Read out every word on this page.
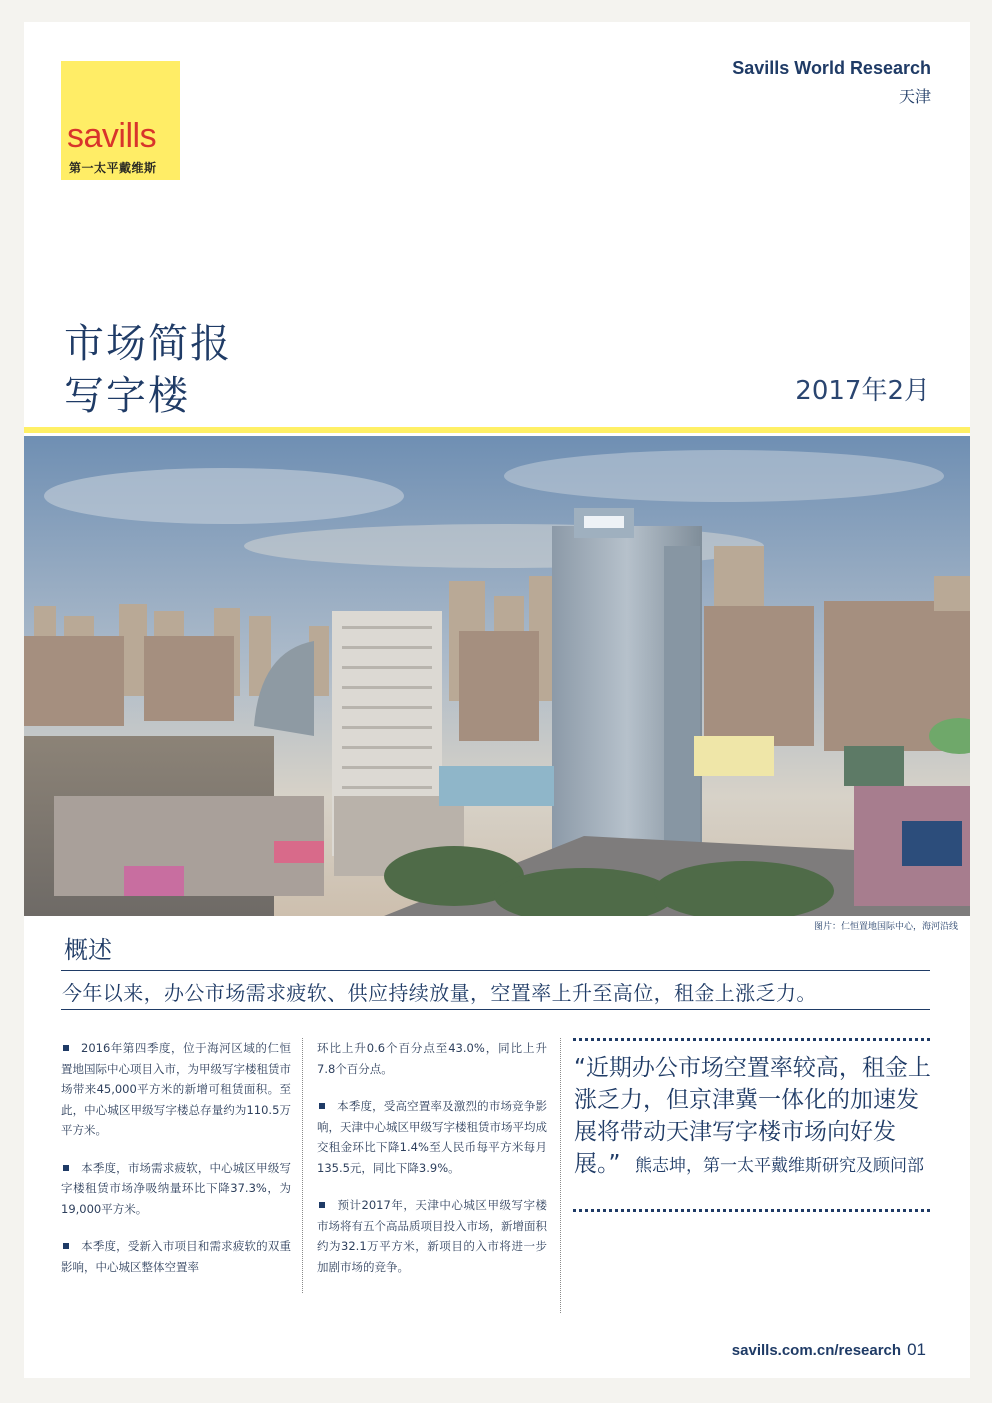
savills
第一太平戴维斯
Savills World Research
天津
市场简报
写字楼	2017年2月
图片：仁恒置地国际中心，海河沿线
概述
今年以来，办公市场需求疲软、供应持续放量，空置率上升至高位，租金上涨乏力。

2016年第四季度，位于海河区域的仁恒置地国际中心项目入市，为甲级写字楼租赁市场带来45,000平方米的新增可租赁面积。至此，中心城区甲级写字楼总存量约为110.5万平方米。

本季度，市场需求疲软，中心城区甲级写字楼租赁市场净吸纳量环比下降37.3%，为19,000平方米。

本季度，受新入市项目和需求疲软的双重影响，中心城区整体空置率

环比上升0.6个百分点至43.0%，同比上升7.8个百分点。

本季度，受高空置率及激烈的市场竞争影响，天津中心城区甲级写字楼租赁市场平均成交租金环比下降1.4%至人民币每平方米每月135.5元，同比下降3.9%。

预计2017年，天津中心城区甲级写字楼市场将有五个高品质项目投入市场，新增面积约为32.1万平方米，新项目的入市将进一步加剧市场的竞争。

“近期办公市场空置率较高，租金上涨乏力，但京津冀一体化的加速发展将带动天津写字楼市场向好发展。” 熊志坤，第一太平戴维斯研究及顾问部
savills.com.cn/research 01
